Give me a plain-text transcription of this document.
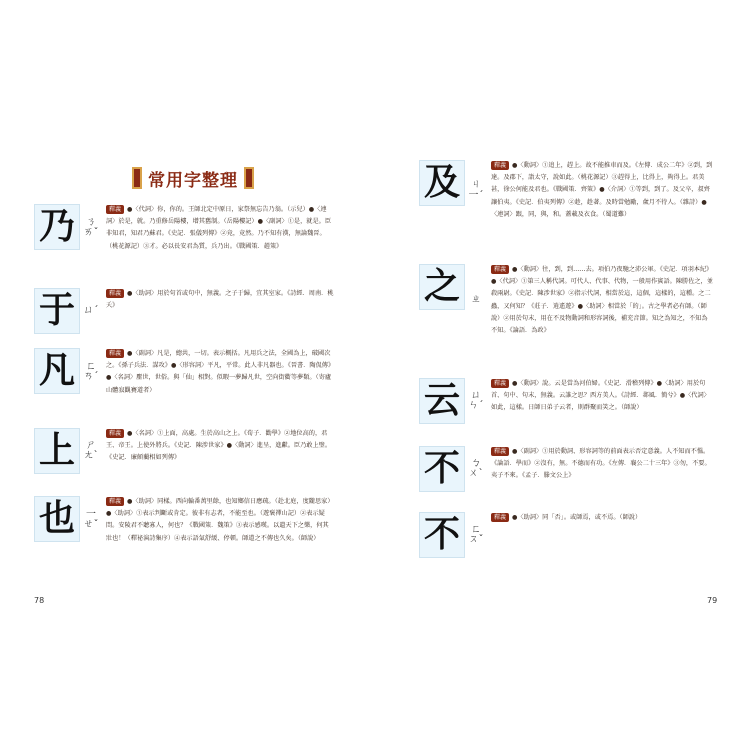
常用字整理
乃 ㄋ
ㄞˇ
釋義 ●〈代詞〉你，你的。王師北定中原日，家祭無忘告乃翁。（示兒）●〈連詞〉於是，就。乃重修岳陽樓，增其舊制。（岳陽樓記）●〈副詞〉①是，就是。臣非知君，知君乃蘇君。《史記．張儀列傳》②竟，竟然。乃不知有漢，無論魏晉。（桃花源記）③才。必以長安君為質，兵乃出。《戰國策．趙策》
于 ㄩˊ
釋義 ●〈助詞〉用於句首或句中，無義。之子于歸，宜其室家。《詩經．周南．桃夭》
凡 ㄈ
ㄢˊ
釋義 ●〈副詞〉凡是，總共，一切。表示概括。凡用兵之法，全國為上，破國次之。《孫子兵法．謀攻》●〈形容詞〉平凡，平常。此人非凡器也。《晉書．陶侃傳》●〈名詞〉塵世，世俗。與「仙」相對。似暇一夢歸凡世，空向街衢等夢類。（寄廬山體寂觀賽道者）
上 ㄕ
ㄤˋ
釋義 ●〈名詞〉①上面，高處。生於高山之上。《荀子．勸學》②地位高的，君王、帝王。上使外將兵。《史記．陳涉世家》●〈動詞〉進呈，進獻。臣乃敢上璧。《史記．廉頗藺相如列傳》
也 一
ㄝˇ
釋義 ●〈助詞〉同樣。西向輪番萬里餘，也知鄉信日應疏。（赴北庭，度隴思家）●〈助詞〉①表示判斷或肯定。彼非有志者，不能至也。（遊褒禪山記）②表示疑問。安陵君不聽寡人，何也？《戰國策．魏策》③表示感嘆。以遺天下之樂，何其壯也！（釋祕演詩集序）④表示語氣舒緩、停頓。師道之不傳也久矣。（師說）
78
及 ㄐ
一ˊ
釋義 ●〈動詞〉①追上，趕上。故不能推車而及。《左傳．成公二年》②到，到達。及郡下，詣太守，說如此。（桃花源記）③趕得上，比得上，夠得上。君美甚，徐公何能及君也。《戰國策．齊策》●〈介詞〉①等到，到了。及父卒，叔齊讓伯夷。《史記．伯夷列傳》②趁，趁著。及時當勉勵，歲月不待人。（雜詩）●〈連詞〉跟，同，與，和。蓋載及衣食。（蜀道難）
之 ㄓ
釋義 ●〈動詞〉往，到，到……去。項伯乃夜馳之沛公軍。《史記．項羽本紀》●〈代詞〉①第三人稱代詞。可代人、代事、代物，一般用作賓語。陳勝佐之，並殺兩尉。《史記．陳涉世家》②指示代詞，相當於這，這個，這樣的，這種。之二蟲，又何知？《莊子．逍遙遊》●〈助詞〉相當於「的」。古之學者必有師。（師說）②用於句末，用在不及物動詞和形容詞後，補充音節。知之為知之，不知為不知。《論語．為政》
云 ㄩ
ㄣˊ
釋義 ●〈動詞〉說。云是當為河伯婦。《史記．滑稽列傳》●〈助詞〉用於句首、句中、句末，無義。云誰之思？西方美人。《詩經．邶風．簡兮》●〈代詞〉如此，這樣。日師日弟子云者，則群聚而笑之。（師說）
不 ㄅ
ㄨˋ
釋義 ●〈副詞〉①用於動詞、形容詞等的前面表示否定意義。人不知而不慍。《論語．學而》②沒有，無。不德而有功。《左傳．襄公二十三年》③勿，不要。夷子不來。《孟子．滕文公上》
不 ㄈ
ㄡˇ
釋義 ●〈助詞〉同「否」。或師焉，或不焉。（師說）
79
